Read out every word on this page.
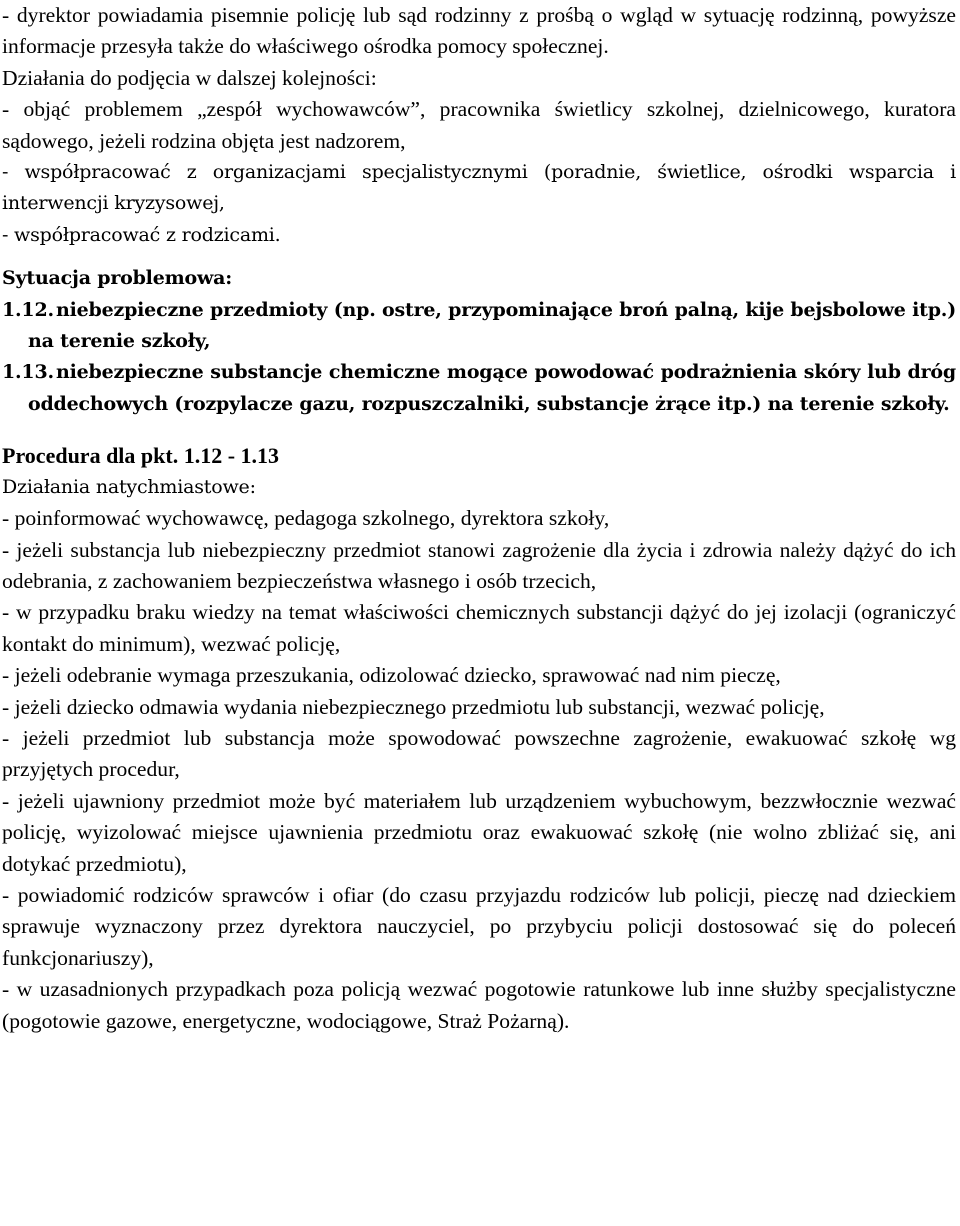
- dyrektor powiadamia pisemnie policję lub sąd rodzinny z prośbą o wgląd w sytuację rodzinną, powyższe informacje przesyła także do właściwego ośrodka pomocy społecznej.

Działania do podjęcia w dalszej kolejności:

- objąć problemem „zespół wychowawców”, pracownika świetlicy szkolnej, dzielnicowego, kuratora sądowego, jeżeli rodzina objęta jest nadzorem,

- współpracować z organizacjami specjalistycznymi (poradnie, świetlice, ośrodki wsparcia i interwencji kryzysowej,

- współpracować z rodzicami.

Sytuacja problemowa:

1.12. niebezpieczne przedmioty (np. ostre, przypominające broń palną, kije bejsbolowe itp.) na terenie szkoły,

1.13. niebezpieczne substancje chemiczne mogące powodować podrażnienia skóry lub dróg oddechowych (rozpylacze gazu, rozpuszczalniki, substancje żrące itp.) na terenie szkoły.

Procedura dla pkt. 1.12 - 1.13

Działania natychmiastowe:

- poinformować wychowawcę, pedagoga szkolnego, dyrektora szkoły,

- jeżeli substancja lub niebezpieczny przedmiot stanowi zagrożenie dla życia i zdrowia należy dążyć do ich odebrania, z zachowaniem bezpieczeństwa własnego i osób trzecich,

- w przypadku braku wiedzy na temat właściwości chemicznych substancji dążyć do jej izolacji (ograniczyć kontakt do minimum), wezwać policję,

- jeżeli odebranie wymaga przeszukania, odizolować dziecko, sprawować nad nim pieczę,

- jeżeli dziecko odmawia wydania niebezpiecznego przedmiotu lub substancji, wezwać policję,

- jeżeli przedmiot lub substancja może spowodować powszechne zagrożenie, ewakuować szkołę wg przyjętych procedur,

- jeżeli ujawniony przedmiot może być materiałem lub urządzeniem wybuchowym, bezzwłocznie wezwać policję, wyizolować miejsce ujawnienia przedmiotu oraz ewakuować szkołę (nie wolno zbliżać się, ani dotykać przedmiotu),

- powiadomić rodziców sprawców i ofiar (do czasu przyjazdu rodziców lub policji, pieczę nad dzieckiem sprawuje wyznaczony przez dyrektora nauczyciel, po przybyciu policji dostosować się do poleceń funkcjonariuszy),

- w uzasadnionych przypadkach poza policją wezwać pogotowie ratunkowe lub inne służby specjalistyczne (pogotowie gazowe, energetyczne, wodociągowe, Straż Pożarną).
